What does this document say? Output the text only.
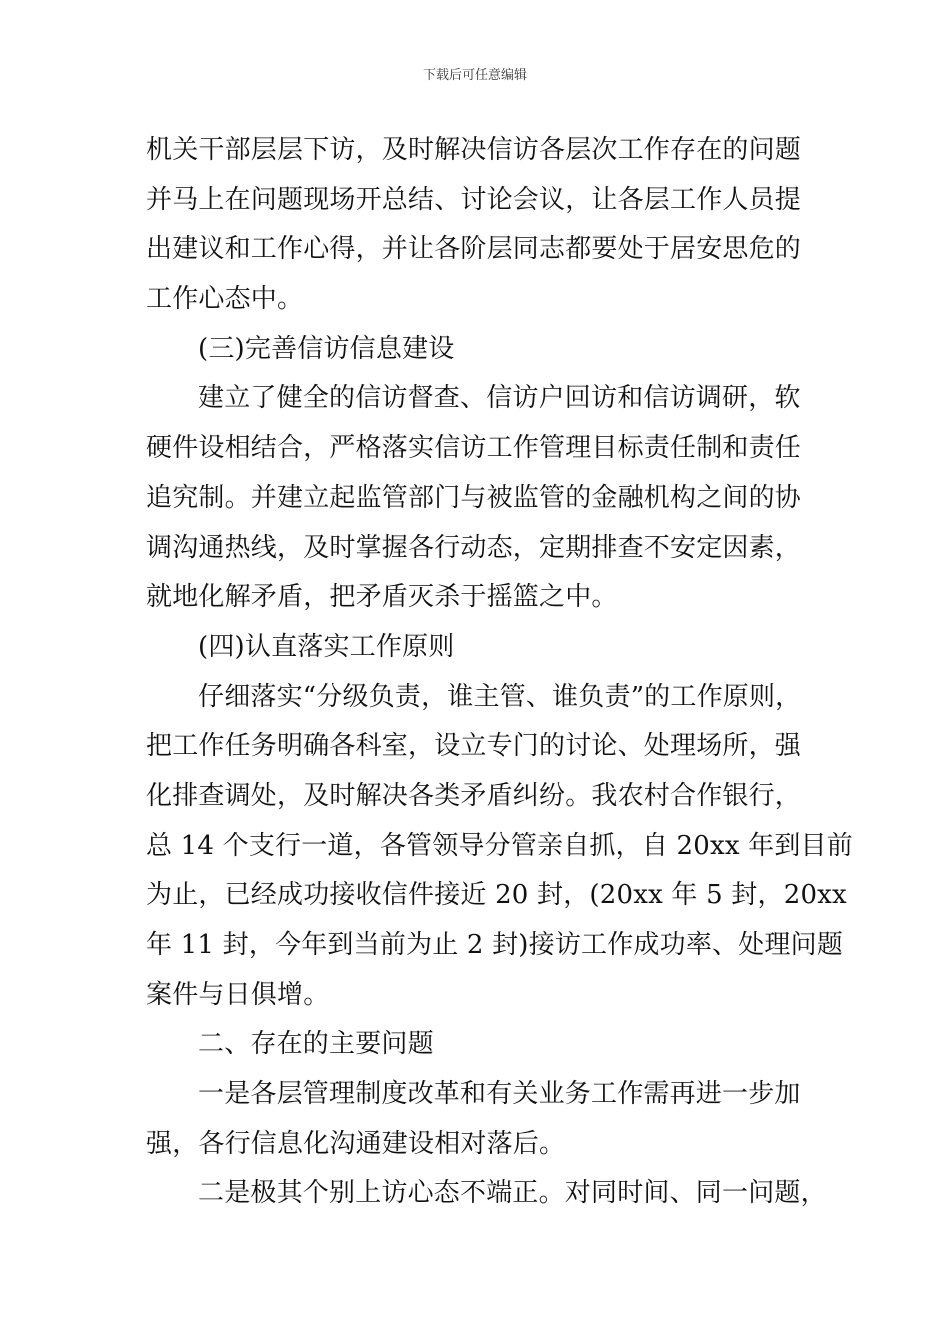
下载后可任意编辑
机关干部层层下访，及时解决信访各层次工作存在的问题
并马上在问题现场开总结、讨论会议，让各层工作人员提
出建议和工作心得，并让各阶层同志都要处于居安思危的
工作心态中。
(三)完善信访信息建设
建立了健全的信访督查、信访户回访和信访调研，软
硬件设相结合，严格落实信访工作管理目标责任制和责任
追究制。并建立起监管部门与被监管的金融机构之间的协
调沟通热线，及时掌握各行动态，定期排查不安定因素，
就地化解矛盾，把矛盾灭杀于摇篮之中。
(四)认直落实工作原则
仔细落实“分级负责，谁主管、谁负责”的工作原则，
把工作任务明确各科室，设立专门的讨论、处理场所，强
化排查调处，及时解决各类矛盾纠纷。我农村合作银行，
总 14 个支行一道，各管领导分管亲自抓，自 20xx 年到目前
为止，已经成功接收信件接近 20 封，(20xx 年 5 封，20xx
年 11 封，今年到当前为止 2 封)接访工作成功率、处理问题
案件与日俱增。
二、存在的主要问题
一是各层管理制度改革和有关业务工作需再进一步加
强，各行信息化沟通建设相对落后。
二是极其个别上访心态不端正。对同时间、同一问题，
